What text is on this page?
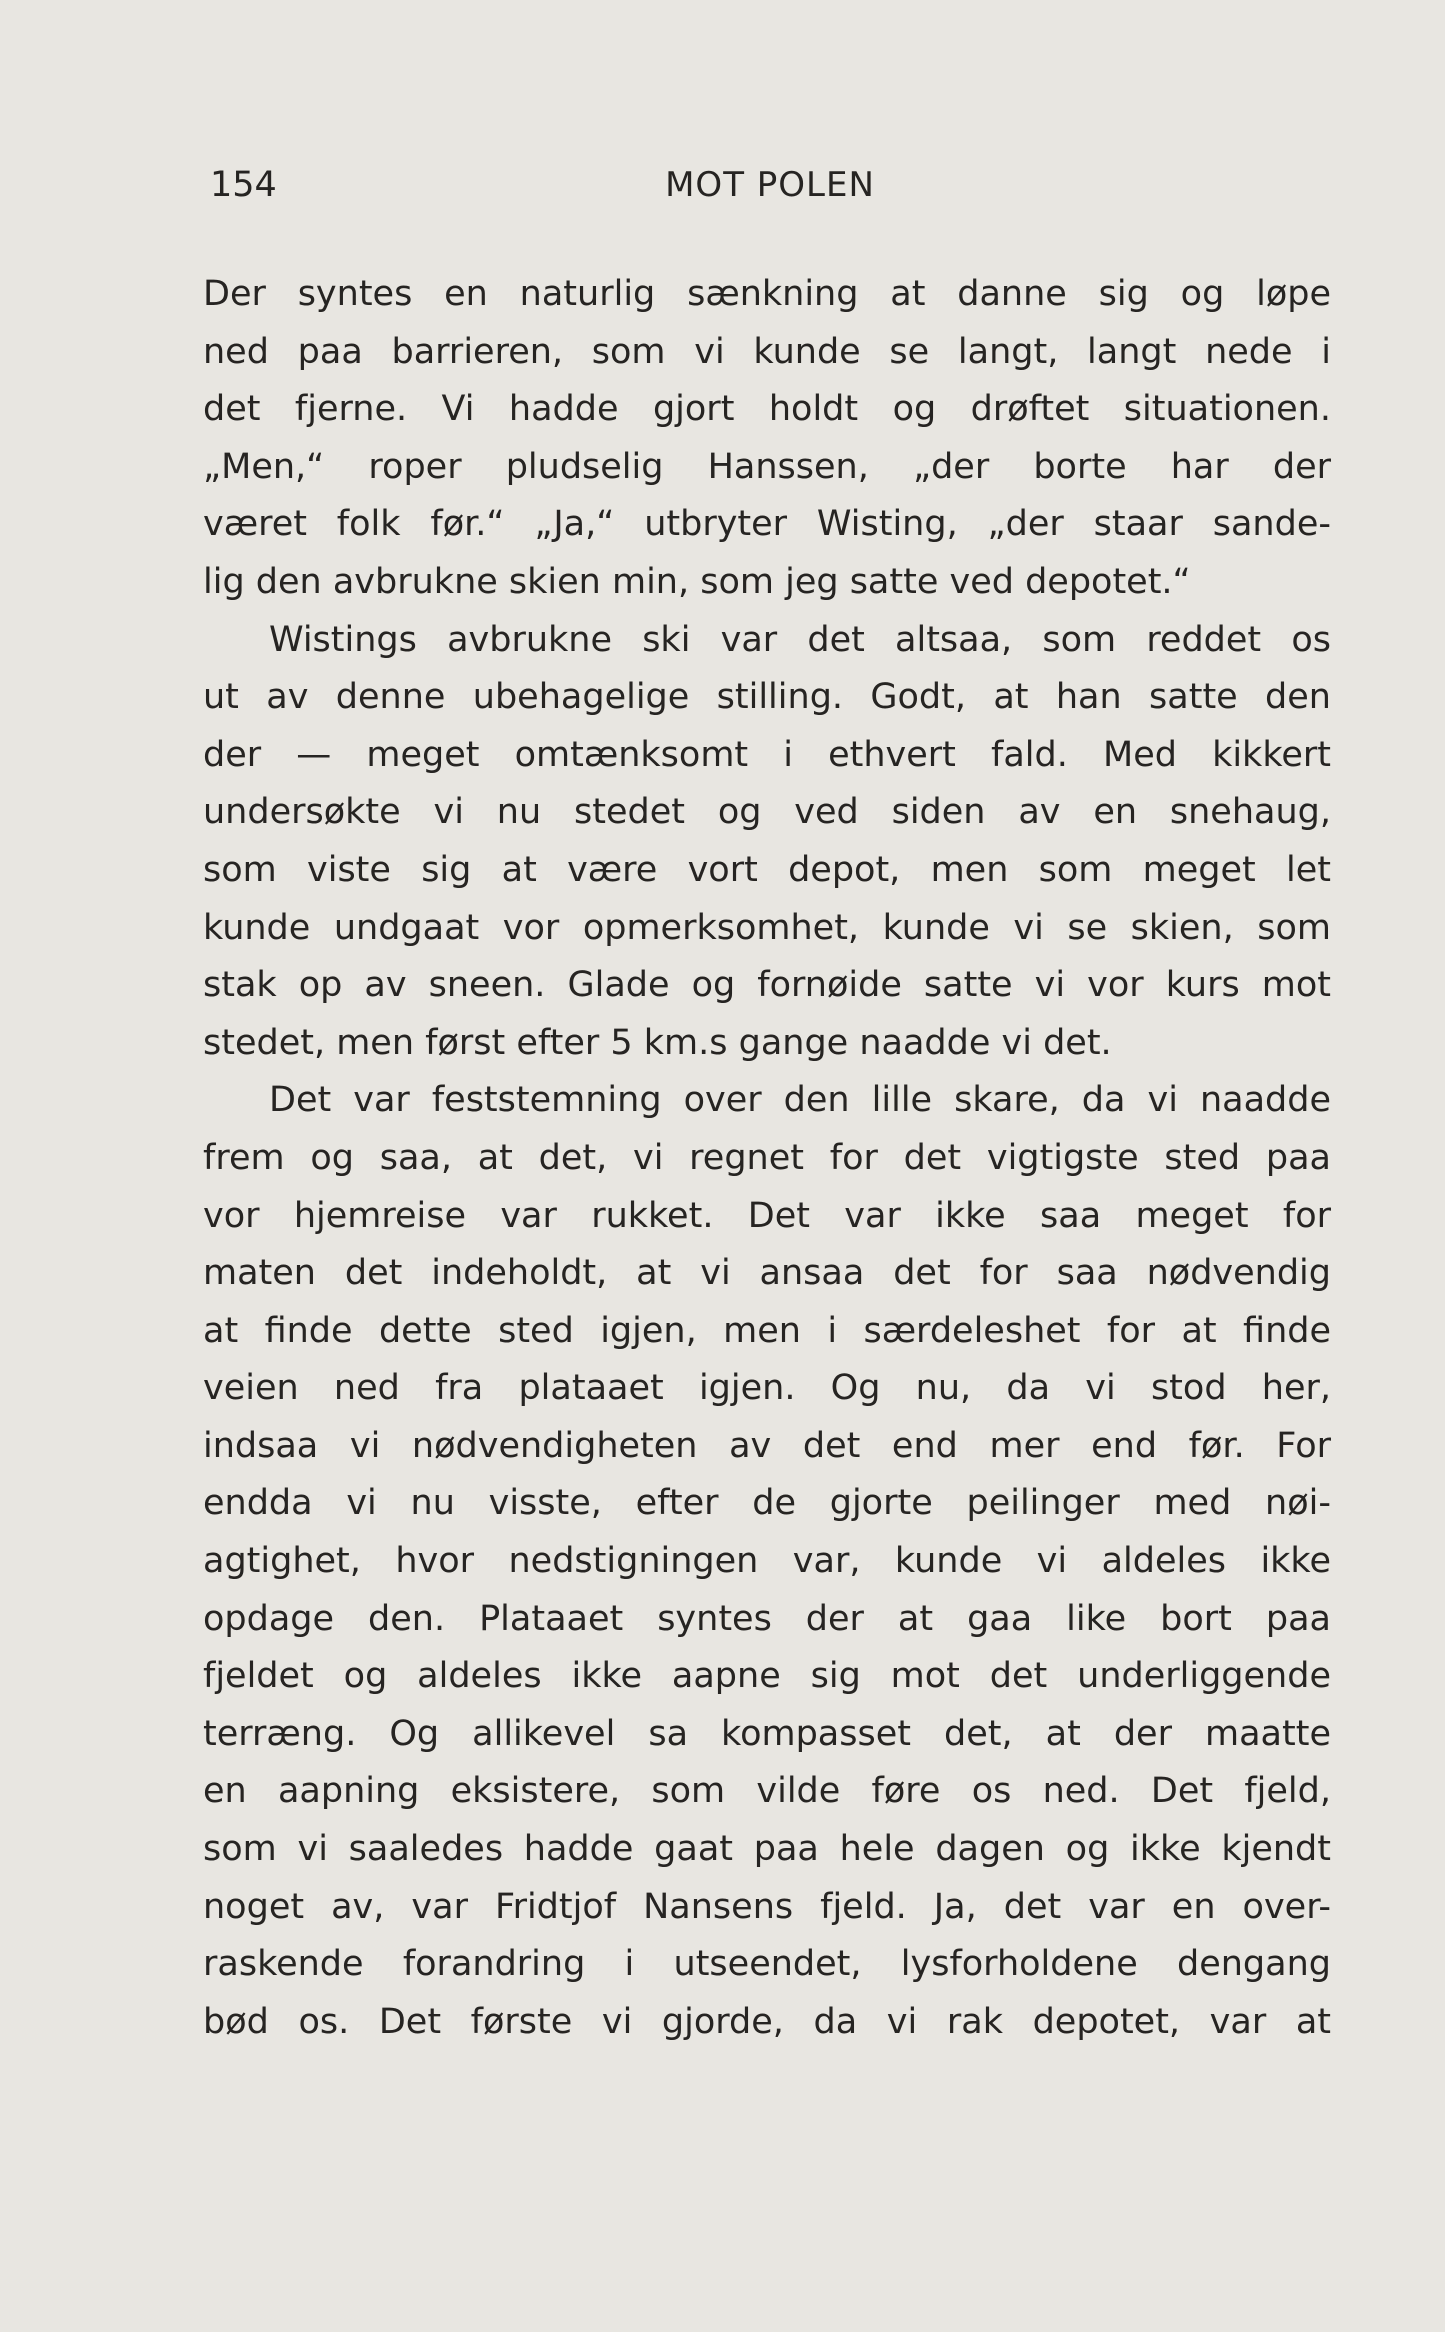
154	MOT POLEN
Der syntes en naturlig sænkning at danne sig og løpe
ned paa barrieren, som vi kunde se langt, langt nede i
det fjerne. Vi hadde gjort holdt og drøftet situationen.
„Men,“ roper pludselig Hanssen, „der borte har der
været folk før.“ „Ja,“ utbryter Wisting, „der staar sande-
lig den avbrukne skien min, som jeg satte ved depotet.“
Wistings avbrukne ski var det altsaa, som reddet os
ut av denne ubehagelige stilling. Godt, at han satte den
der — meget omtænksomt i ethvert fald. Med kikkert
undersøkte vi nu stedet og ved siden av en snehaug,
som viste sig at være vort depot, men som meget let
kunde undgaat vor opmerksomhet, kunde vi se skien, som
stak op av sneen. Glade og fornøide satte vi vor kurs mot
stedet, men først efter 5 km.s gange naadde vi det.
Det var feststemning over den lille skare, da vi naadde
frem og saa, at det, vi regnet for det vigtigste sted paa
vor hjemreise var rukket. Det var ikke saa meget for
maten det indeholdt, at vi ansaa det for saa nødvendig
at finde dette sted igjen, men i særdeleshet for at finde
veien ned fra plataaet igjen. Og nu, da vi stod her,
indsaa vi nødvendigheten av det end mer end før. For
endda vi nu visste, efter de gjorte peilinger med nøi-
agtighet, hvor nedstigningen var, kunde vi aldeles ikke
opdage den. Plataaet syntes der at gaa like bort paa
fjeldet og aldeles ikke aapne sig mot det underliggende
terræng. Og allikevel sa kompasset det, at der maatte
en aapning eksistere, som vilde føre os ned. Det fjeld,
som vi saaledes hadde gaat paa hele dagen og ikke kjendt
noget av, var Fridtjof Nansens fjeld. Ja, det var en over-
raskende forandring i utseendet, lysforholdene dengang
bød os. Det første vi gjorde, da vi rak depotet, var at
